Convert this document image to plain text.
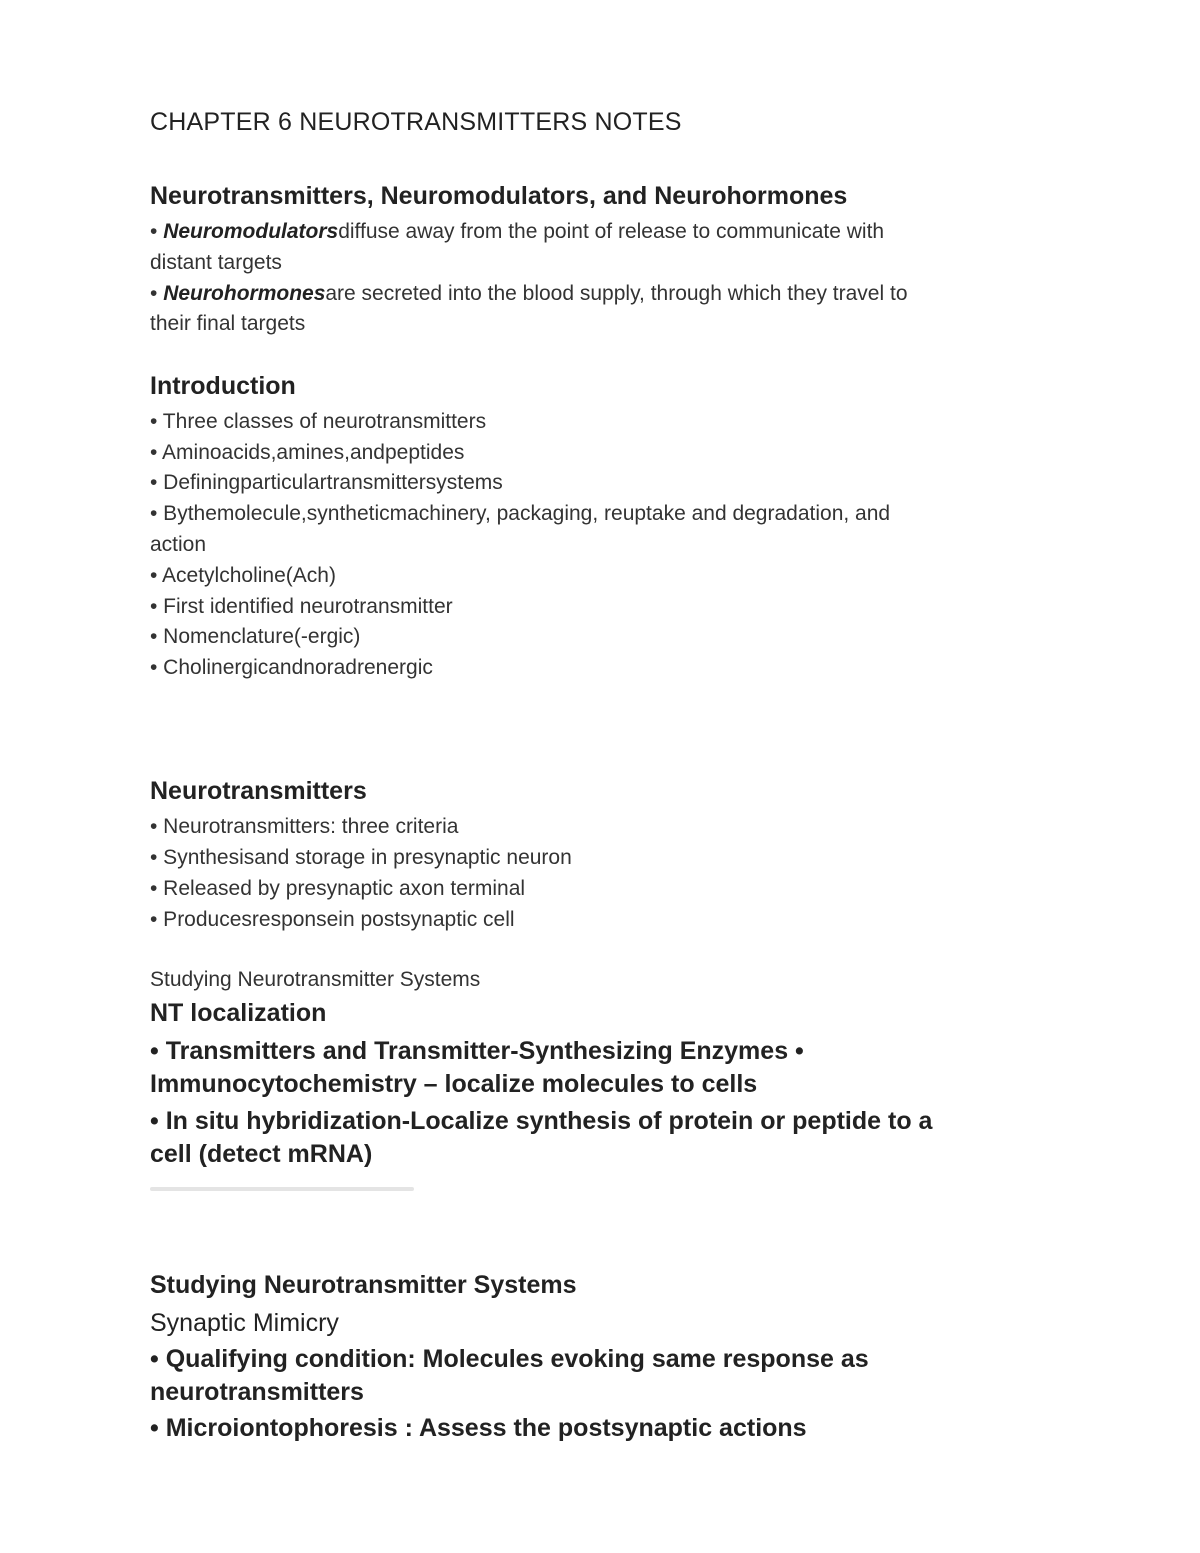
CHAPTER 6 NEUROTRANSMITTERS NOTES
Neurotransmitters, Neuromodulators, and Neurohormones
• Neuromodulatorsdiffuse away from the point of release to communicate with
distant targets
• Neurohormonesare secreted into the blood supply, through which they travel to
their final targets
Introduction
• Three classes of neurotransmitters
• Aminoacids,amines,andpeptides
• Definingparticulartransmittersystems
• Bythemolecule,syntheticmachinery, packaging, reuptake and degradation, and
action
• Acetylcholine(Ach)
• First identified neurotransmitter
• Nomenclature(-ergic)
• Cholinergicandnoradrenergic
Neurotransmitters
• Neurotransmitters: three criteria
• Synthesisand storage in presynaptic neuron
• Released by presynaptic axon terminal
• Producesresponsein postsynaptic cell
Studying Neurotransmitter Systems
NT localization
• Transmitters and Transmitter-Synthesizing Enzymes •
Immunocytochemistry – localize molecules to cells
• In situ hybridization-Localize synthesis of protein or peptide to a
cell (detect mRNA)
Studying Neurotransmitter Systems
Synaptic Mimicry
• Qualifying condition: Molecules evoking same response as
neurotransmitters
• Microiontophoresis : Assess the postsynaptic actions
